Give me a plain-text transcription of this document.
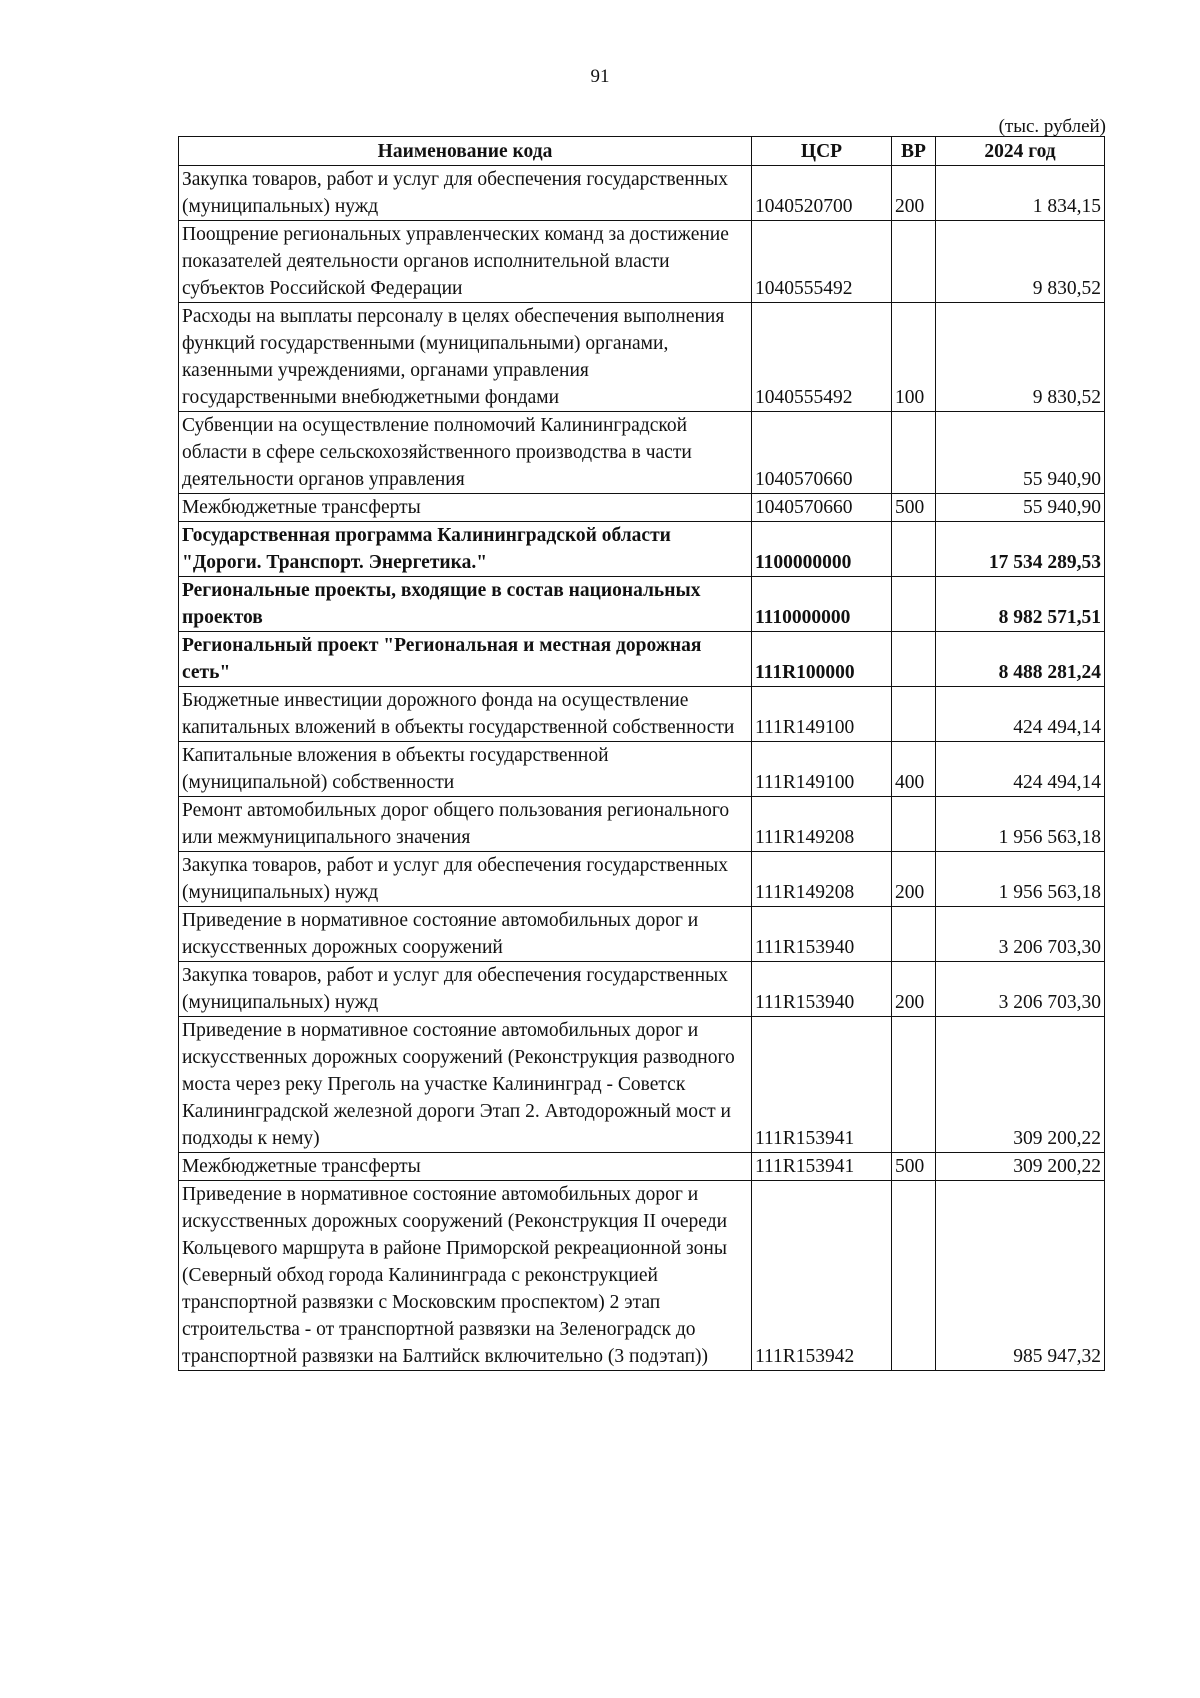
91
(тыс. рублей)
Наименование кода	ЦСР	ВР	2024 год
Закупка товаров, работ и услуг для обеспечения государственных (муниципальных) нужд	1040520700	200	1 834,15
Поощрение региональных управленческих команд за достижение показателей деятельности органов исполнительной власти субъектов Российской Федерации	1040555492		9 830,52
Расходы на выплаты персоналу в целях обеспечения выполнения функций государственными (муниципальными) органами, казенными учреждениями, органами управления государственными внебюджетными фондами	1040555492	100	9 830,52
Субвенции на осуществление полномочий Калининградской области в сфере сельскохозяйственного производства в части деятельности органов управления	1040570660		55 940,90
Межбюджетные трансферты	1040570660	500	55 940,90
Государственная программа Калининградской области "Дороги. Транспорт. Энергетика."	1100000000		17 534 289,53
Региональные проекты, входящие в состав национальных проектов	1110000000		8 982 571,51
Региональный проект "Региональная и местная дорожная сеть"	111R100000		8 488 281,24
Бюджетные инвестиции дорожного фонда на осуществление капитальных вложений в объекты государственной собственности	111R149100		424 494,14
Капитальные вложения в объекты государственной (муниципальной) собственности	111R149100	400	424 494,14
Ремонт автомобильных дорог общего пользования регионального или межмуниципального значения	111R149208		1 956 563,18
Закупка товаров, работ и услуг для обеспечения государственных (муниципальных) нужд	111R149208	200	1 956 563,18
Приведение в нормативное состояние автомобильных дорог и искусственных дорожных сооружений	111R153940		3 206 703,30
Закупка товаров, работ и услуг для обеспечения государственных (муниципальных) нужд	111R153940	200	3 206 703,30
Приведение в нормативное состояние автомобильных дорог и искусственных дорожных сооружений (Реконструкция разводного моста через реку Преголь на участке Калининград - Советск Калининградской железной дороги Этап 2. Автодорожный мост и подходы к нему)	111R153941		309 200,22
Межбюджетные трансферты	111R153941	500	309 200,22
Приведение в нормативное состояние автомобильных дорог и искусственных дорожных сооружений (Реконструкция II очереди Кольцевого маршрута в районе Приморской рекреационной зоны (Северный обход города Калининграда с реконструкцией транспортной развязки с Московским проспектом) 2 этап строительства - от транспортной развязки на Зеленоградск до транспортной развязки на Балтийск включительно (3 подэтап))	111R153942		985 947,32
